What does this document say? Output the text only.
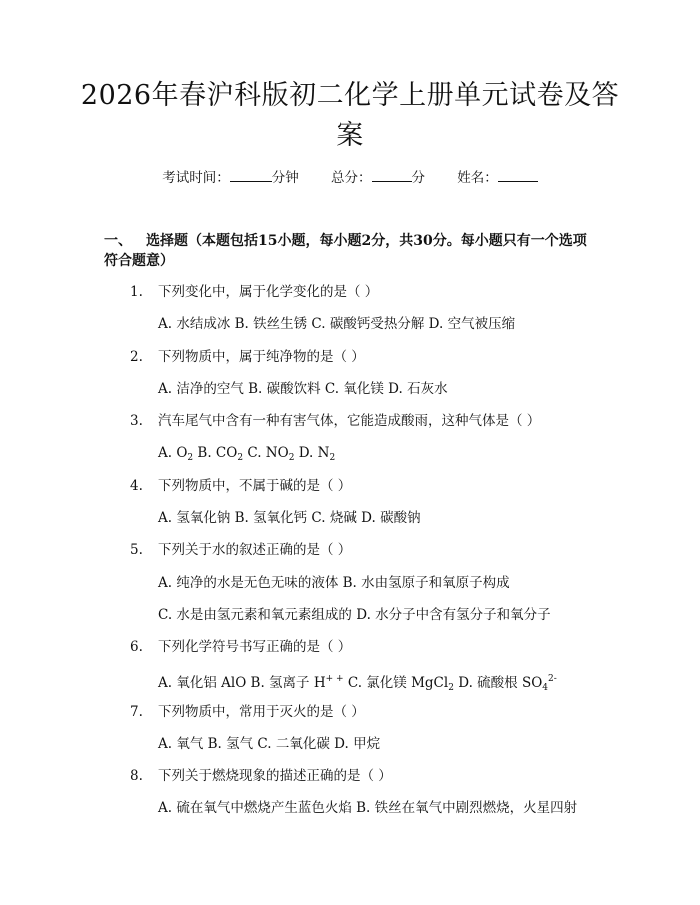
2026年春沪科版初二化学上册单元试卷及答案
考试时间：	分钟 总分：	分 姓名：
一、 选择题（本题包括15小题，每小题2分，共30分。每小题只有一个选项符合题意）
1. 下列变化中，属于化学变化的是（ ）
A. 水结成冰 B. 铁丝生锈 C. 碳酸钙受热分解 D. 空气被压缩
2. 下列物质中，属于纯净物的是（ ）
A. 洁净的空气 B. 碳酸饮料 C. 氧化镁 D. 石灰水
3. 汽车尾气中含有一种有害气体，它能造成酸雨，这种气体是（ ）
A. $O_2$ B. $CO_2$ C. $NO_2$ D. $N_2$
4. 下列物质中，不属于碱的是（ ）
A. 氢氧化钠 B. 氢氧化钙 C. 烧碱 D. 碳酸钠
5. 下列关于水的叙述正确的是（ ）
A. 纯净的水是无色无味的液体 B. 水由氢原子和氧原子构成
C. 水是由氢元素和氧元素组成的 D. 水分子中含有氢分子和氧分子
6. 下列化学符号书写正确的是（ ）
A. 氧化铝 AlO B. 氢离子 H+ + C. 氯化镁 MgCl$_2$ D. 硫酸根 $SO_4^{2-}$
7. 下列物质中，常用于灭火的是（ ）
A. 氧气 B. 氢气 C. 二氧化碳 D. 甲烷
8. 下列关于燃烧现象的描述正确的是（ ）
A. 硫在氧气中燃烧产生蓝色火焰 B. 铁丝在氧气中剧烈燃烧，火星四射
